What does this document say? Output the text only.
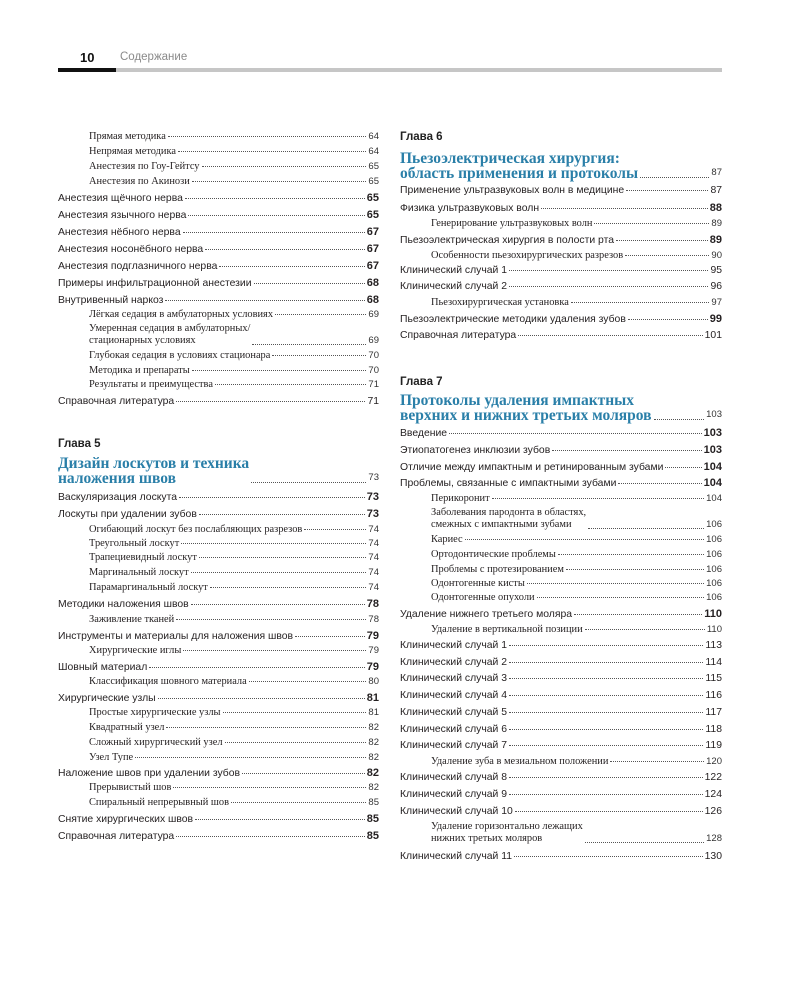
10 Содержание
Прямая методика	64
Непрямая методика	64
Анестезия по Гоу-Гейтсу	65
Анестезия по Акинози	65
Анестезия щёчного нерва	65
Анестезия язычного нерва	65
Анестезия нёбного нерва	67
Анестезия носонёбного нерва	67
Анестезия подглазничного нерва	67
Примеры инфильтрационной анестезии	68
Внутривенный наркоз	68
Лёгкая седация в амбулаторных условиях	69
Умеренная седация в амбулаторных/
стационарных условиях	69
Глубокая седация в условиях стационара	70
Методика и препараты	70
Результаты и преимущества	71
Справочная литература	71
Глава 5
Дизайн лоскутов и техника
наложения швов	73
Васкуляризация лоскута	73
Лоскуты при удалении зубов	73
Огибающий лоскут без послабляющих разрезов	74
Треугольный лоскут	74
Трапециевидный лоскут	74
Маргинальный лоскут	74
Парамаргинальный лоскут	74
Методики наложения швов	78
Заживление тканей	78
Инструменты и материалы для наложения швов	79
Хирургические иглы	79
Шовный материал	79
Классификация шовного материала	80
Хирургические узлы	81
Простые хирургические узлы	81
Квадратный узел	82
Сложный хирургический узел	82
Узел Тупе	82
Наложение швов при удалении зубов	82
Прерывистый шов	82
Спиральный непрерывный шов	85
Снятие хирургических швов	85
Справочная литература	85
Глава 6
Пьезоэлектрическая хирургия:
область применения и протоколы	87
Применение ультразвуковых волн в медицине	87
Физика ультразвуковых волн	88
Генерирование ультразвуковых волн	89
Пьезоэлектрическая хирургия в полости рта	89
Особенности пьезохирургических разрезов	90
Клинический случай 1	95
Клинический случай 2	96
Пьезохирургическая установка	97
Пьезоэлектрические методики удаления зубов	99
Справочная литература	101
Глава 7
Протоколы удаления импактных
верхних и нижних третьих моляров	103
Введение	103
Этиопатогенез инклюзии зубов	103
Отличие между импактным и ретинированным зубами	104
Проблемы, связанные с импактными зубами	104
Перикоронит	104
Заболевания пародонта в областях,
смежных с импактными зубами	106
Кариес	106
Ортодонтические проблемы	106
Проблемы с протезированием	106
Одонтогенные кисты	106
Одонтогенные опухоли	106
Удаление нижнего третьего моляра	110
Удаление в вертикальной позиции	110
Клинический случай 1	113
Клинический случай 2	114
Клинический случай 3	115
Клинический случай 4	116
Клинический случай 5	117
Клинический случай 6	118
Клинический случай 7	119
Удаление зуба в мезиальном положении	120
Клинический случай 8	122
Клинический случай 9	124
Клинический случай 10	126
Удаление горизонтально лежащих
нижних третьих моляров	128
Клинический случай 11	130
